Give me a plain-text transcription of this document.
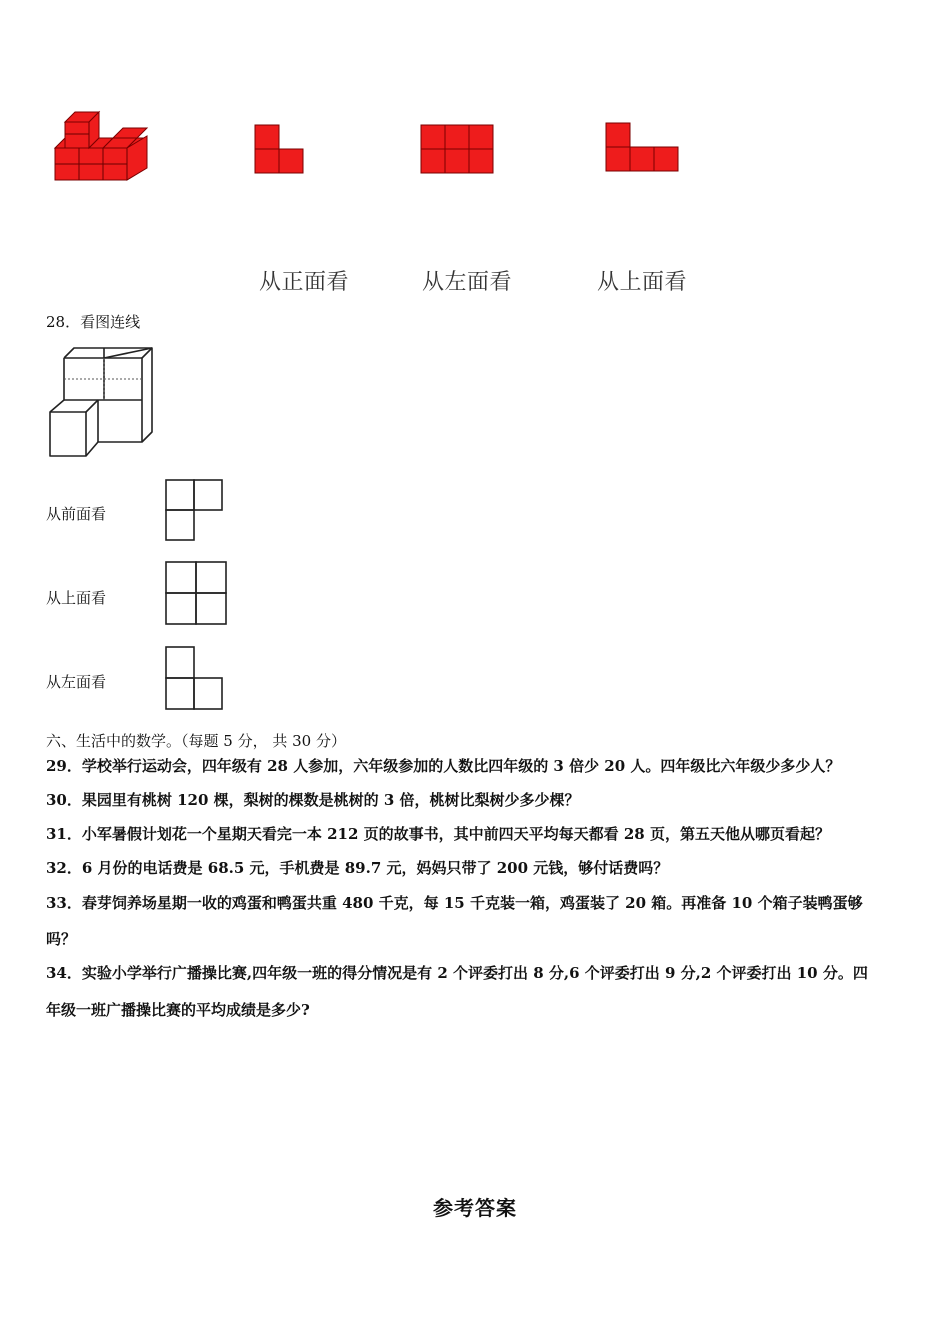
从正面看	从左面看	从上面看
28．看图连线
从前面看
从上面看
从左面看
六、生活中的数学。（每题 5 分， 共 30 分）
29．学校举行运动会，四年级有 28 人参加，六年级参加的人数比四年级的 3 倍少 20 人。四年级比六年级少多少人？
30．果园里有桃树 120 棵，梨树的棵数是桃树的 3 倍，桃树比梨树少多少棵？
31．小军暑假计划花一个星期天看完一本 212 页的故事书，其中前四天平均每天都看 28 页，第五天他从哪页看起？
32．6 月份的电话费是 68.5 元，手机费是 89.7 元，妈妈只带了 200 元钱，够付话费吗？
33．春芽饲养场星期一收的鸡蛋和鸭蛋共重 480 千克，每 15 千克装一箱，鸡蛋装了 20 箱。再准备 10 个箱子装鸭蛋够
吗？
34．实验小学举行广播操比赛,四年级一班的得分情况是有 2 个评委打出 8 分,6 个评委打出 9 分,2 个评委打出 10 分。四
年级一班广播操比赛的平均成绩是多少?
参考答案
